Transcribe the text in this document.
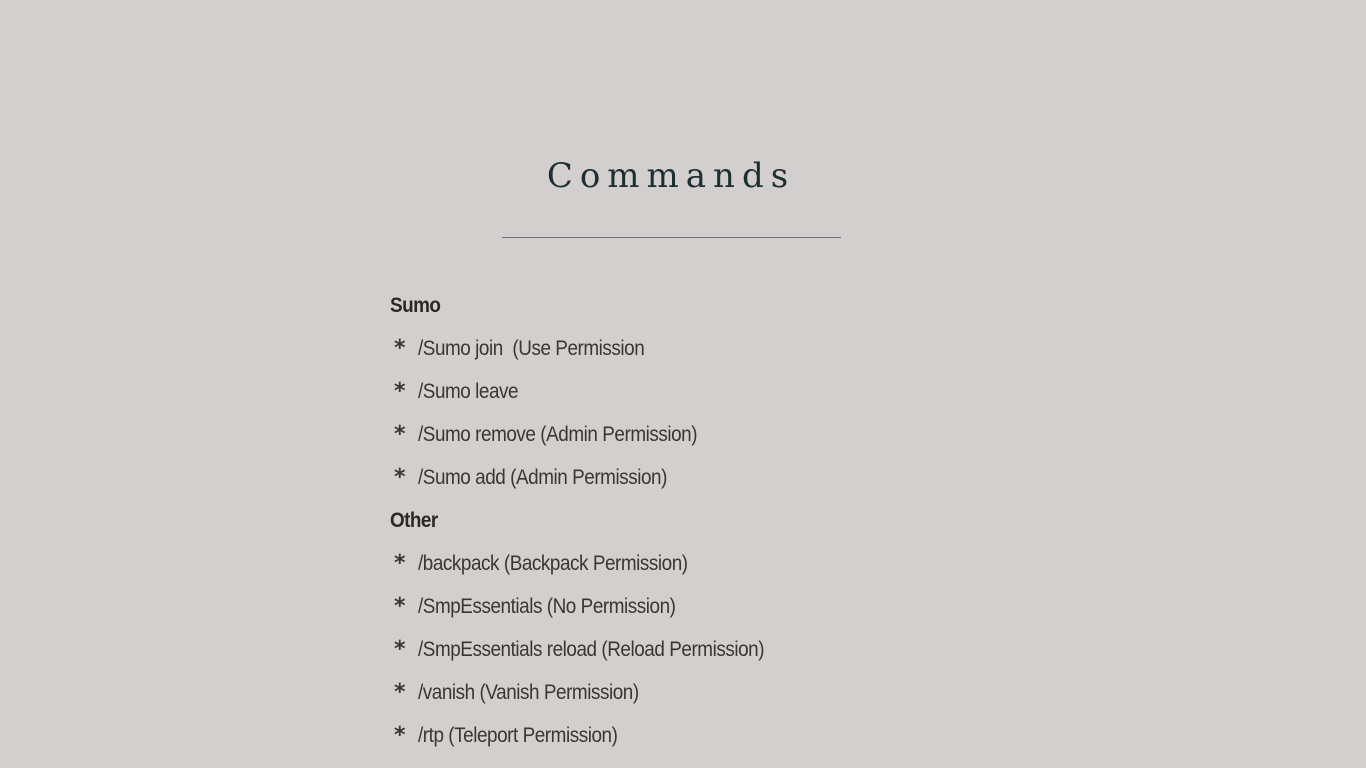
Commands
Sumo
* /Sumo join  (Use Permission
* /Sumo leave
* /Sumo remove (Admin Permission)
* /Sumo add (Admin Permission)
Other
* /backpack (Backpack Permission)
* /SmpEssentials (No Permission)
* /SmpEssentials reload (Reload Permission)
* /vanish (Vanish Permission)
* /rtp (Teleport Permission)
